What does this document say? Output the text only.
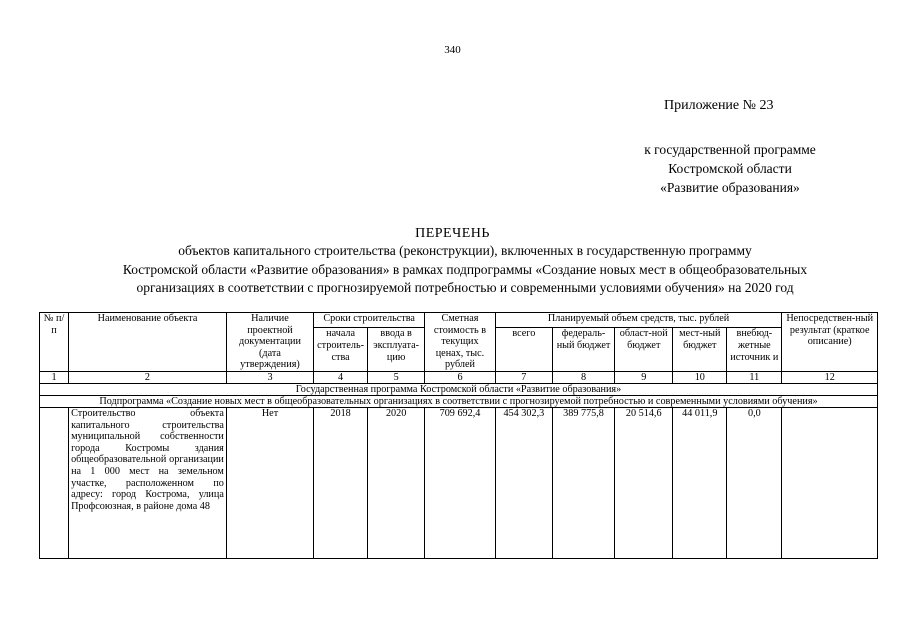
340
Приложение № 23
к государственной программе
Костромской области
«Развитие образования»
ПЕРЕЧЕНЬ
объектов капитального строительства (реконструкции), включенных в государственную программу
Костромской области «Развитие образования» в рамках подпрограммы «Создание новых мест в общеобразовательных
организациях в соответствии с прогнозируемой потребностью и современными условиями обучения» на 2020 год
№ п/п	Наименование объекта	Наличие проектной документации (дата утверждения)	Сроки строительства		Сметная стоимость в текущих ценах, тыс. рублей	Планируемый объем средств, тыс. рублей					Непосредствен-ный результат (краткое описание)
			начала строитель-ства	ввода в эксплуата-цию		всего	федераль-ный бюджет	област-ной бюджет	мест-ный бюджет	внебюд-жетные источник и	
1	2	3	4	5	6	7	8	9	10	11	12
Государственная программа Костромской области «Развитие образования»											
Подпрограмма «Создание новых мест в общеобразовательных организациях в соответствии с прогнозируемой потребностью и современными условиями обучения»											
	Строительство объекта капитального строительства муниципальной собственности города Костромы здания общеобразовательной организации на 1 000 мест на земельном участке, расположенном по адресу: город Кострома, улица Профсоюзная, в районе дома 48	Нет	2018	2020	709 692,4	454 302,3	389 775,8	20 514,6	44 011,9	0,0	
